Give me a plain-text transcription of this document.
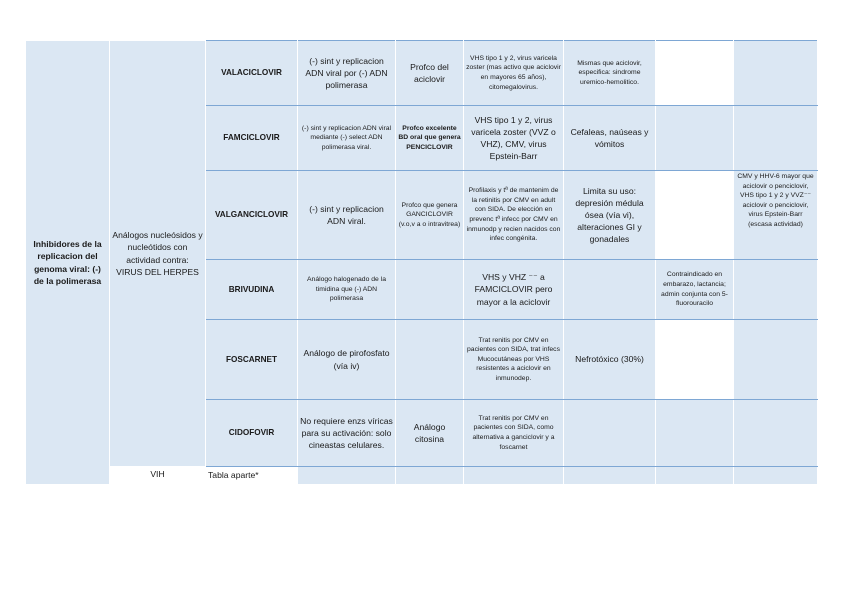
Inhibidores de la replicacion del genoma viral: (-) de la polimerasa	Análogos nucleósidos y nucleótidos con actividad contra: VIRUS DEL HERPES	VALACICLOVIR	(-) sint y replicacion ADN viral por (-) ADN polimerasa	Profco del aciclovir	VHS tipo 1 y 2, virus varicela zoster (mas activo que aciclovir en mayores 65 años), citomegalovirus.	Mismas que aciclovir, especifica: sindrome uremico-hemolitico.		
		FAMCICLOVIR	(-) sint y replicacion ADN viral mediante (-) select ADN polimerasa viral.	Profco excelente BD oral que genera PENCICLOVIR	VHS tipo 1 y 2, virus varicela zoster (VVZ o VHZ), CMV, virus Epstein-Barr	Cefaleas, naúseas y vómitos		
		VALGANCICLOVIR	(-) sint y replicacion ADN viral.	Profco que genera GANCICLOVIR (v.o,v a o intravitrea)	Profilaxis y tª de mantenim de la retinitis por CMV en adult con SIDA. De elección en prevenc tª infecc por CMV en inmunodp y recien nacidos con infec congénita.	Limita su uso: depresión médula ósea (vía vi), alteraciones GI y gonadales		CMV y HHV-6 mayor que aciclovir o penciclovir, VHS tipo 1 y 2 y VVZ⁻⁻ aciclovir o penciclovir, virus Epstein-Barr (escasa actividad)

		BRIVUDINA	Análogo halogenado de la timidina que (-) ADN polimerasa		VHS y VHZ ⁻⁻ a FAMCICLOVIR pero mayor a la aciclovir		Contraindicado en embarazo, lactancia; admin conjunta con 5-fluorouracilo	
		FOSCARNET	Análogo de pirofosfato (vía iv)		Trat renitis por CMV en pacientes con SIDA, trat infecs Mucocutáneas por VHS resistentes a aciclovir en inmunodep.	Nefrotóxico (30%)		
		CIDOFOVIR	No requiere enzs víricas para su activación: solo cineastas celulares.	Análogo citosina	Trat renitis por CMV en pacientes con SIDA, como alternativa a ganciclovir y a foscarnet			
	VIH	Tabla aparte*						
